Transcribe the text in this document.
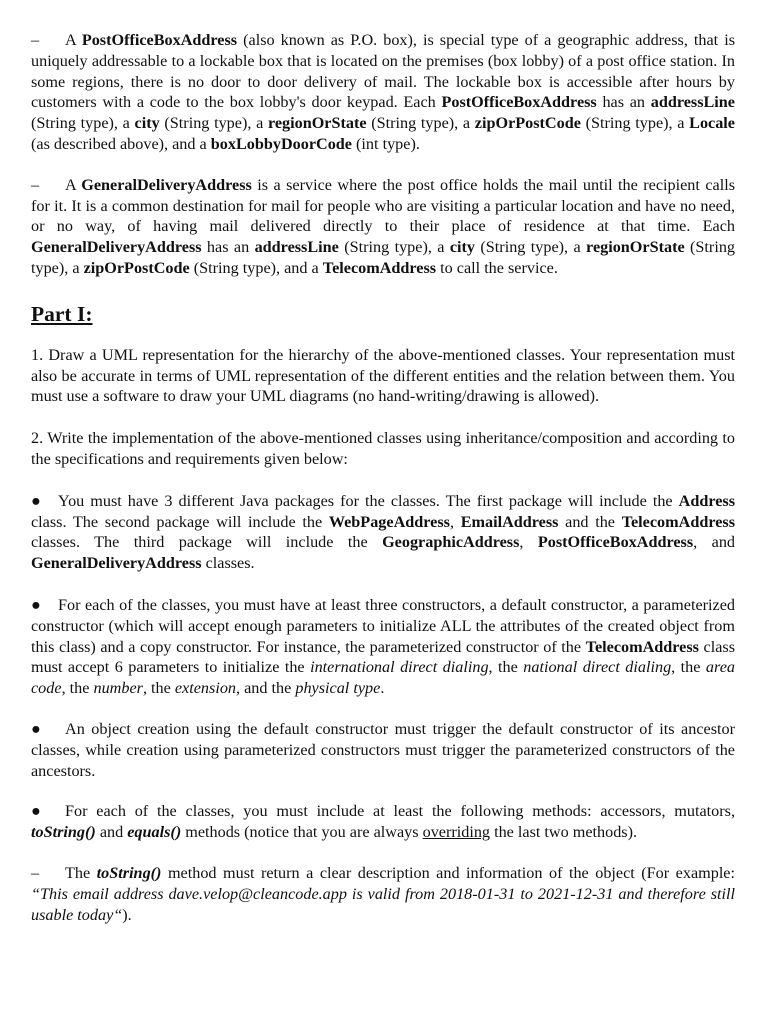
– A PostOfficeBoxAddress (also known as P.O. box), is special type of a geographic address, that is uniquely addressable to a lockable box that is located on the premises (box lobby) of a post office station. In some regions, there is no door to door delivery of mail. The lockable box is accessible after hours by customers with a code to the box lobby's door keypad. Each PostOfficeBoxAddress has an addressLine (String type), a city (String type), a regionOrState (String type), a zipOrPostCode (String type), a Locale (as described above), and a boxLobbyDoorCode (int type).

– A GeneralDeliveryAddress is a service where the post office holds the mail until the recipient calls for it. It is a common destination for mail for people who are visiting a particular location and have no need, or no way, of having mail delivered directly to their place of residence at that time. Each GeneralDeliveryAddress has an addressLine (String type), a city (String type), a regionOrState (String type), a zipOrPostCode (String type), and a TelecomAddress to call the service.

Part I:

1. Draw a UML representation for the hierarchy of the above-mentioned classes. Your representation must also be accurate in terms of UML representation of the different entities and the relation between them. You must use a software to draw your UML diagrams (no hand-writing/drawing is allowed).

2. Write the implementation of the above-mentioned classes using inheritance/composition and according to the specifications and requirements given below:

● You must have 3 different Java packages for the classes. The first package will include the Address class. The second package will include the WebPageAddress, EmailAddress and the TelecomAddress classes. The third package will include the GeographicAddress, PostOfficeBoxAddress, and GeneralDeliveryAddress classes.

● For each of the classes, you must have at least three constructors, a default constructor, a parameterized constructor (which will accept enough parameters to initialize ALL the attributes of the created object from this class) and a copy constructor. For instance, the parameterized constructor of the TelecomAddress class must accept 6 parameters to initialize the international direct dialing, the national direct dialing, the area code, the number, the extension, and the physical type.

● An object creation using the default constructor must trigger the default constructor of its ancestor classes, while creation using parameterized constructors must trigger the parameterized constructors of the ancestors.

● For each of the classes, you must include at least the following methods: accessors, mutators, toString() and equals() methods (notice that you are always overriding the last two methods).

– The toString() method must return a clear description and information of the object (For example: “This email address dave.velop@cleancode.app is valid from 2018-01-31 to 2021-12-31 and therefore still usable today“).
